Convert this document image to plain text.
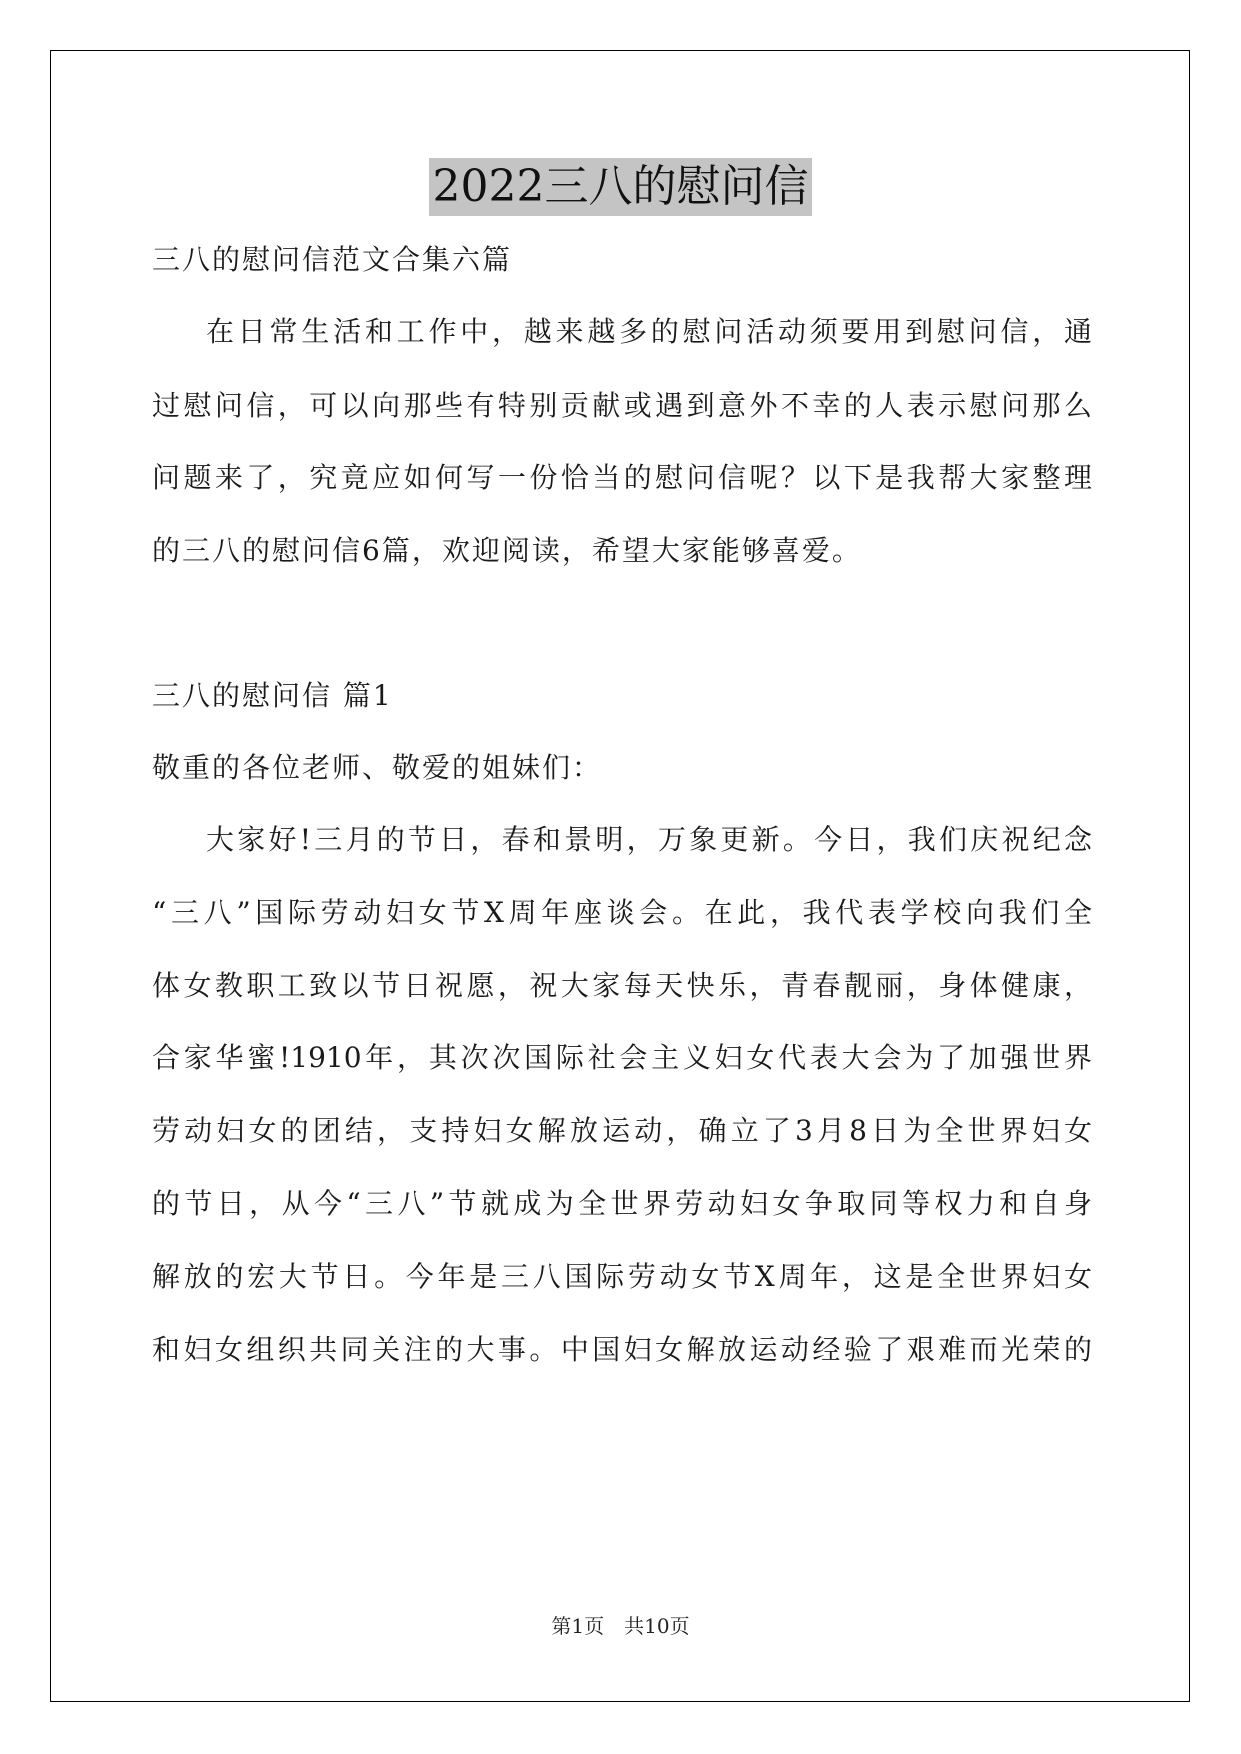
2022三八的慰问信
三八的慰问信范文合集六篇
在日常生活和工作中，越来越多的慰问活动须要用到慰问信，通
过慰问信，可以向那些有特别贡献或遇到意外不幸的人表示慰问那么
问题来了，究竟应如何写一份恰当的慰问信呢？以下是我帮大家整理
的三八的慰问信6篇，欢迎阅读，希望大家能够喜爱。
三八的慰问信 篇1
敬重的各位老师、敬爱的姐妹们：
大家好!三月的节日，春和景明，万象更新。今日，我们庆祝纪念
“三八”国际劳动妇女节X周年座谈会。在此，我代表学校向我们全
体女教职工致以节日祝愿，祝大家每天快乐，青春靓丽，身体健康，
合家华蜜!1910年，其次次国际社会主义妇女代表大会为了加强世界
劳动妇女的团结，支持妇女解放运动，确立了3月8日为全世界妇女
的节日，从今“三八”节就成为全世界劳动妇女争取同等权力和自身
解放的宏大节日。今年是三八国际劳动女节X周年，这是全世界妇女
和妇女组织共同关注的大事。中国妇女解放运动经验了艰难而光荣的
第1页　共10页
